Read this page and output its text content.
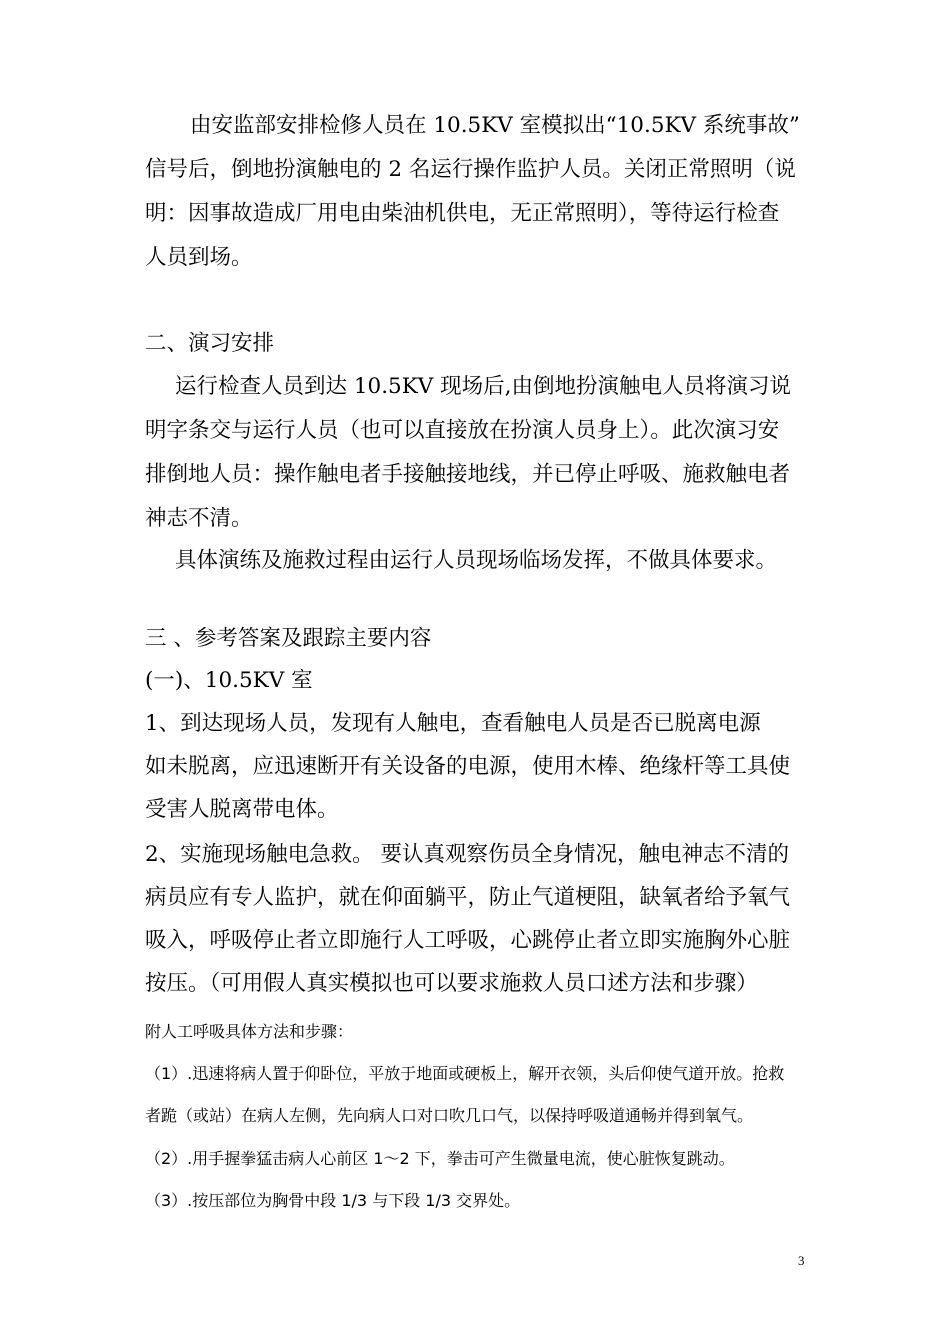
由安监部安排检修人员在 10.5KV 室模拟出“10.5KV 系统事故”
信号后，倒地扮演触电的 2 名运行操作监护人员。关闭正常照明（说
明：因事故造成厂用电由柴油机供电，无正常照明），等待运行检查
人员到场。
二、演习安排
运行检查人员到达 10.5KV 现场后,由倒地扮演触电人员将演习说
明字条交与运行人员（也可以直接放在扮演人员身上）。此次演习安
排倒地人员：操作触电者手接触接地线，并已停止呼吸、施救触电者
神志不清。
具体演练及施救过程由运行人员现场临场发挥，不做具体要求。
三 、参考答案及跟踪主要内容
(一)、10.5KV 室
1、到达现场人员，发现有人触电，查看触电人员是否已脱离电源
如未脱离，应迅速断开有关设备的电源，使用木棒、绝缘杆等工具使
受害人脱离带电体。
2、实施现场触电急救。 要认真观察伤员全身情况，触电神志不清的
病员应有专人监护，就在仰面躺平，防止气道梗阻，缺氧者给予氧气
吸入，呼吸停止者立即施行人工呼吸，心跳停止者立即实施胸外心脏
按压。（可用假人真实模拟也可以要求施救人员口述方法和步骤）
附人工呼吸具体方法和步骤：
（1）.迅速将病人置于仰卧位，平放于地面或硬板上，解开衣领，头后仰使气道开放。抢救
者跪（或站）在病人左侧，先向病人口对口吹几口气，以保持呼吸道通畅并得到氧气。
（2）.用手握拳猛击病人心前区 1～2 下，拳击可产生微量电流，使心脏恢复跳动。
（3）.按压部位为胸骨中段 1/3 与下段 1/3 交界处。
3
